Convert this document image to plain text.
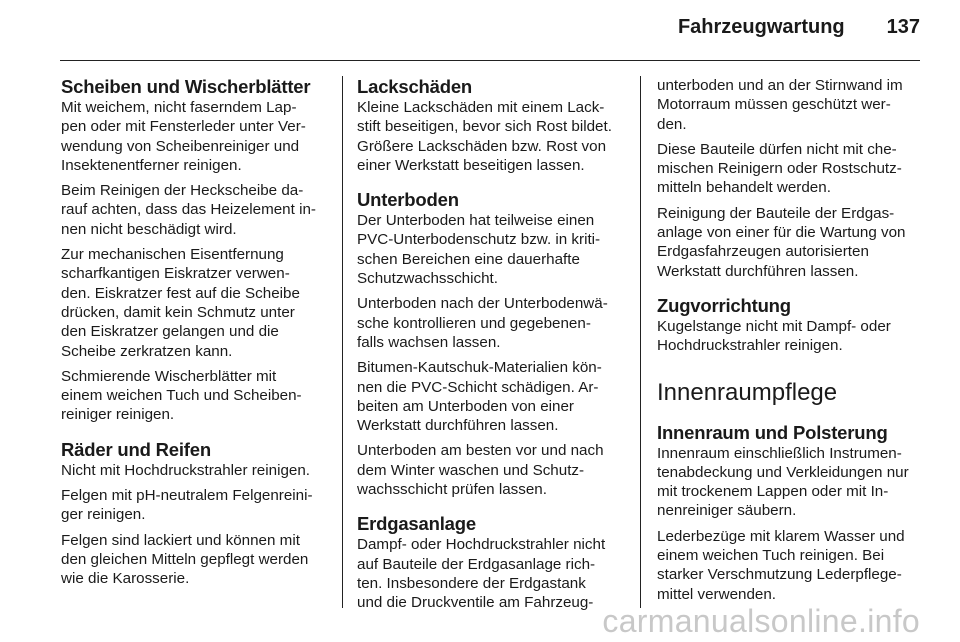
Fahrzeugwartung 137
Scheiben und Wischerblätter

Mit weichem, nicht faserndem Lap-
pen oder mit Fensterleder unter Ver-
wendung von Scheibenreiniger und
Insektenentferner reinigen.

Beim Reinigen der Heckscheibe da-
rauf achten, dass das Heizelement in-
nen nicht beschädigt wird.

Zur mechanischen Eisentfernung
scharfkantigen Eiskratzer verwen-
den. Eiskratzer fest auf die Scheibe
drücken, damit kein Schmutz unter
den Eiskratzer gelangen und die
Scheibe zerkratzen kann.

Schmierende Wischerblätter mit
einem weichen Tuch und Scheiben-
reiniger reinigen.

Räder und Reifen

Nicht mit Hochdruckstrahler reinigen.

Felgen mit pH-neutralem Felgenreini-
ger reinigen.

Felgen sind lackiert und können mit
den gleichen Mitteln gepflegt werden
wie die Karosserie.

Lackschäden

Kleine Lackschäden mit einem Lack-
stift beseitigen, bevor sich Rost bildet.
Größere Lackschäden bzw. Rost von
einer Werkstatt beseitigen lassen.

Unterboden

Der Unterboden hat teilweise einen
PVC-Unterbodenschutz bzw. in kriti-
schen Bereichen eine dauerhafte
Schutzwachsschicht.

Unterboden nach der Unterbodenwä-
sche kontrollieren und gegebenen-
falls wachsen lassen.

Bitumen-Kautschuk-Materialien kön-
nen die PVC-Schicht schädigen. Ar-
beiten am Unterboden von einer
Werkstatt durchführen lassen.

Unterboden am besten vor und nach
dem Winter waschen und Schutz-
wachsschicht prüfen lassen.

Erdgasanlage

Dampf- oder Hochdruckstrahler nicht
auf Bauteile der Erdgasanlage rich-
ten. Insbesondere der Erdgastank
und die Druckventile am Fahrzeug-

unterboden und an der Stirnwand im
Motorraum müssen geschützt wer-
den.

Diese Bauteile dürfen nicht mit che-
mischen Reinigern oder Rostschutz-
mitteln behandelt werden.

Reinigung der Bauteile der Erdgas-
anlage von einer für die Wartung von
Erdgasfahrzeugen autorisierten
Werkstatt durchführen lassen.

Zugvorrichtung

Kugelstange nicht mit Dampf- oder
Hochdruckstrahler reinigen.

Innenraumpflege
Innenraum und Polsterung

Innenraum einschließlich Instrumen-
tenabdeckung und Verkleidungen nur
mit trockenem Lappen oder mit In-
nenreiniger säubern.

Lederbezüge mit klarem Wasser und
einem weichen Tuch reinigen. Bei
starker Verschmutzung Lederpflege-
mittel verwenden.

carmanualsonline.info
